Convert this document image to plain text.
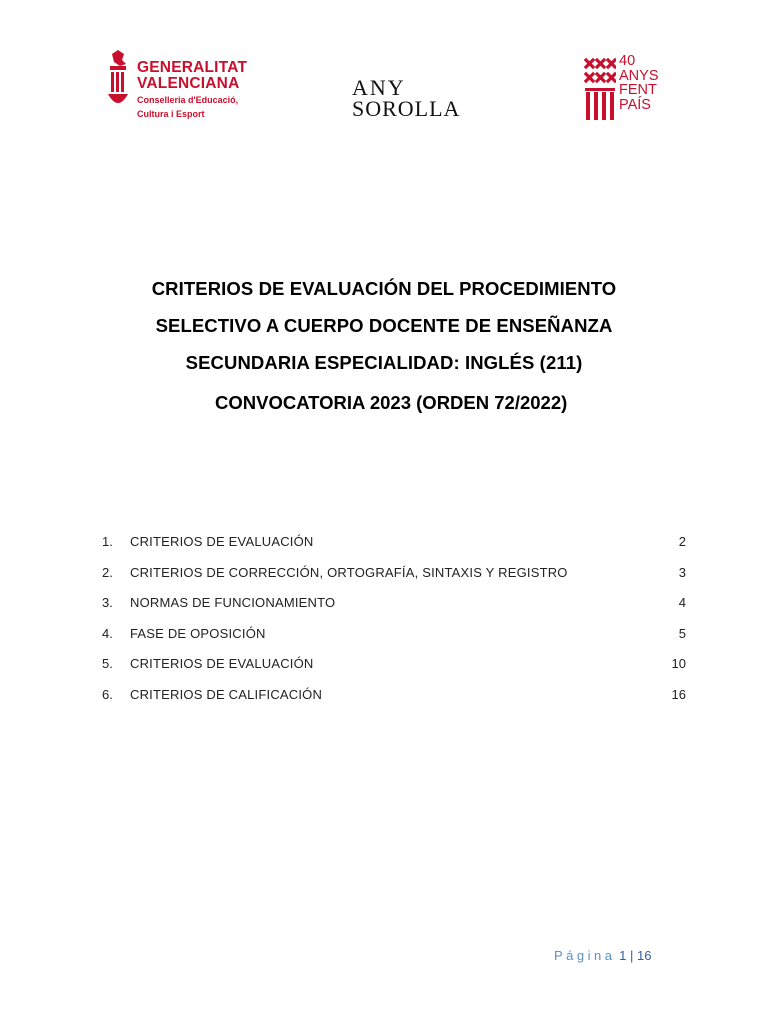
GENERALITAT
VALENCIANA
Conselleria d'Educació,
Cultura i Esport
ANY
SOROLLA
40
ANYS
FENT
PAÍS
CRITERIOS DE EVALUACIÓN DEL PROCEDIMIENTO
SELECTIVO A CUERPO DOCENTE DE ENSEÑANZA
SECUNDARIA ESPECIALIDAD: INGLÉS (211)
CONVOCATORIA 2023 (ORDEN 72/2022)
1.	CRITERIOS DE EVALUACIÓN	2
2.	CRITERIOS DE CORRECCIÓN, ORTOGRAFÍA, SINTAXIS Y REGISTRO	3
3.	NORMAS DE FUNCIONAMIENTO	4
4.	FASE DE OPOSICIÓN	5
5.	CRITERIOS DE EVALUACIÓN	10
6.	CRITERIOS DE CALIFICACIÓN	16
Página 1 | 16
